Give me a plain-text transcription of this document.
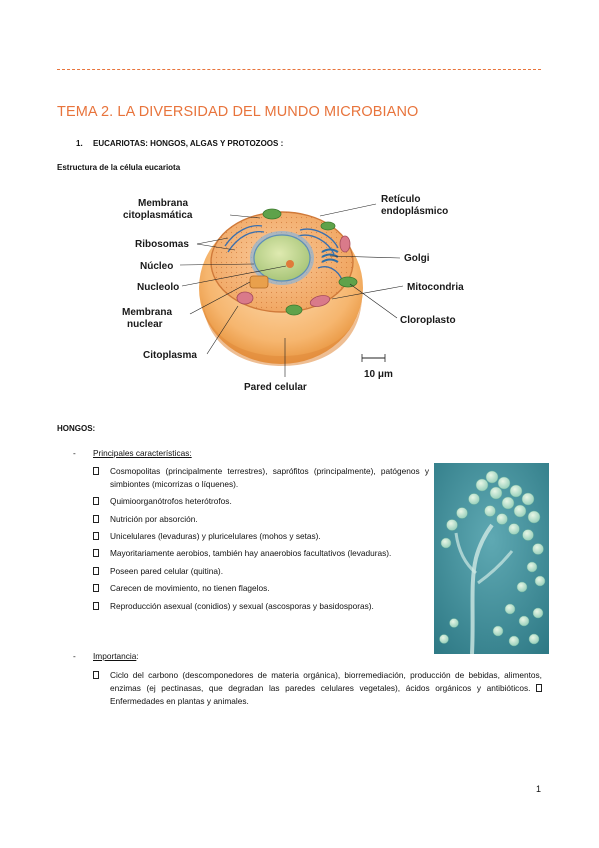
TEMA 2. LA DIVERSIDAD DEL MUNDO MICROBIANO
1. EUCARIOTAS: HONGOS, ALGAS Y PROTOZOOS :
Estructura de la célula eucariota
Membrana
citoplasmática
Ribosomas
Núcleo
Nucleolo
Membrana
nuclear
Citoplasma
Pared celular
Retículo
endoplásmico
Golgi
Mitocondria
Cloroplasto
10 μm
HONGOS:
- Principales características:
Cosmopolitas (principalmente terrestres), saprófitos (principalmente), patógenos y simbiontes (micorrizas o líquenes).
Quimioorganótrofos heterótrofos.
Nutrición por absorción.
Unicelulares (levaduras) y pluricelulares (mohos y setas).
Mayoritariamente aerobios, también hay anaerobios facultativos (levaduras).
Poseen pared celular (quitina).
Carecen de movimiento, no tienen flagelos.
Reproducción asexual (conidios) y sexual (ascosporas y basidosporas).
- Importancia:
Ciclo del carbono (descomponedores de materia orgánica), biorremediación, producción de bebidas, alimentos, enzimas (ej pectinasas, que degradan las paredes celulares vegetales), ácidos orgánicos y antibióticos.  Enfermedades en plantas y animales.
1
